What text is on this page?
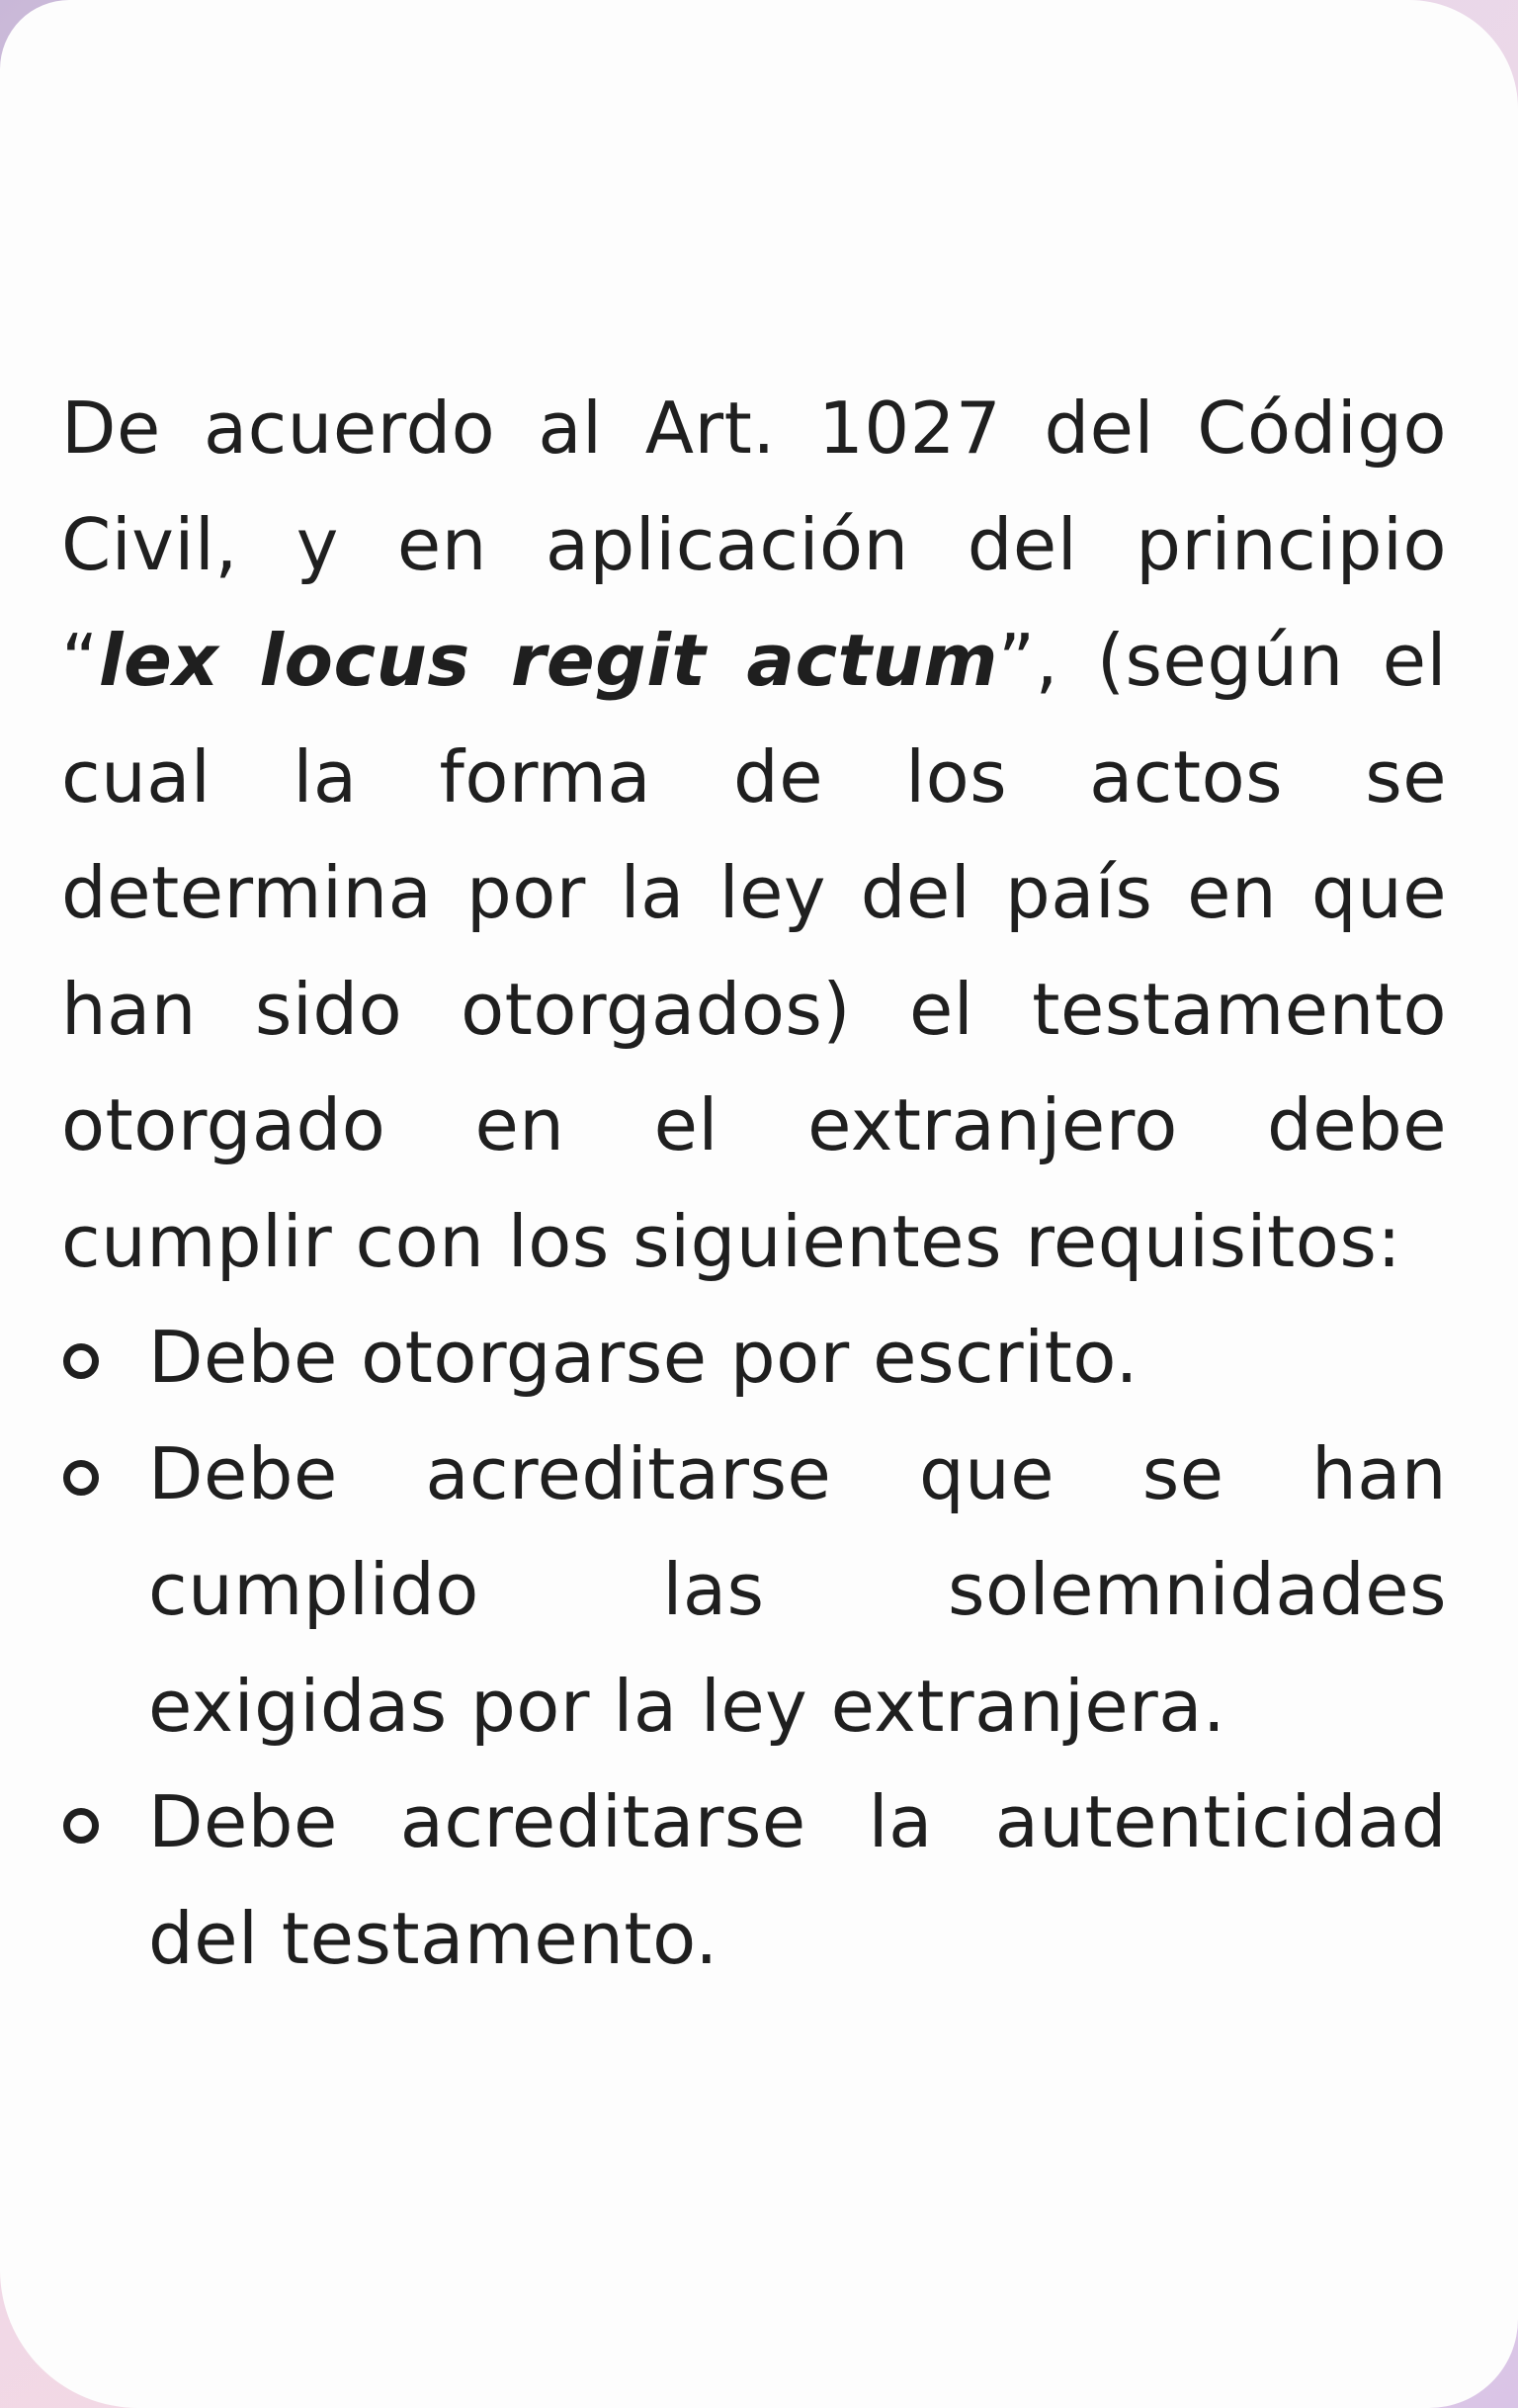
De acuerdo al Art. 1027 del Código Civil, y en aplicación del principio “lex locus regit actum”, (según el cual la forma de los actos se determina por la ley del país en que han sido otorgados) el testamento otorgado en el extranjero debe cumplir con los siguientes requisitos:

Debe otorgarse por escrito.
Debe acreditarse que se han cumplido las solemnidades exigidas por la ley extranjera.
Debe acreditarse la autenticidad del testamento.
